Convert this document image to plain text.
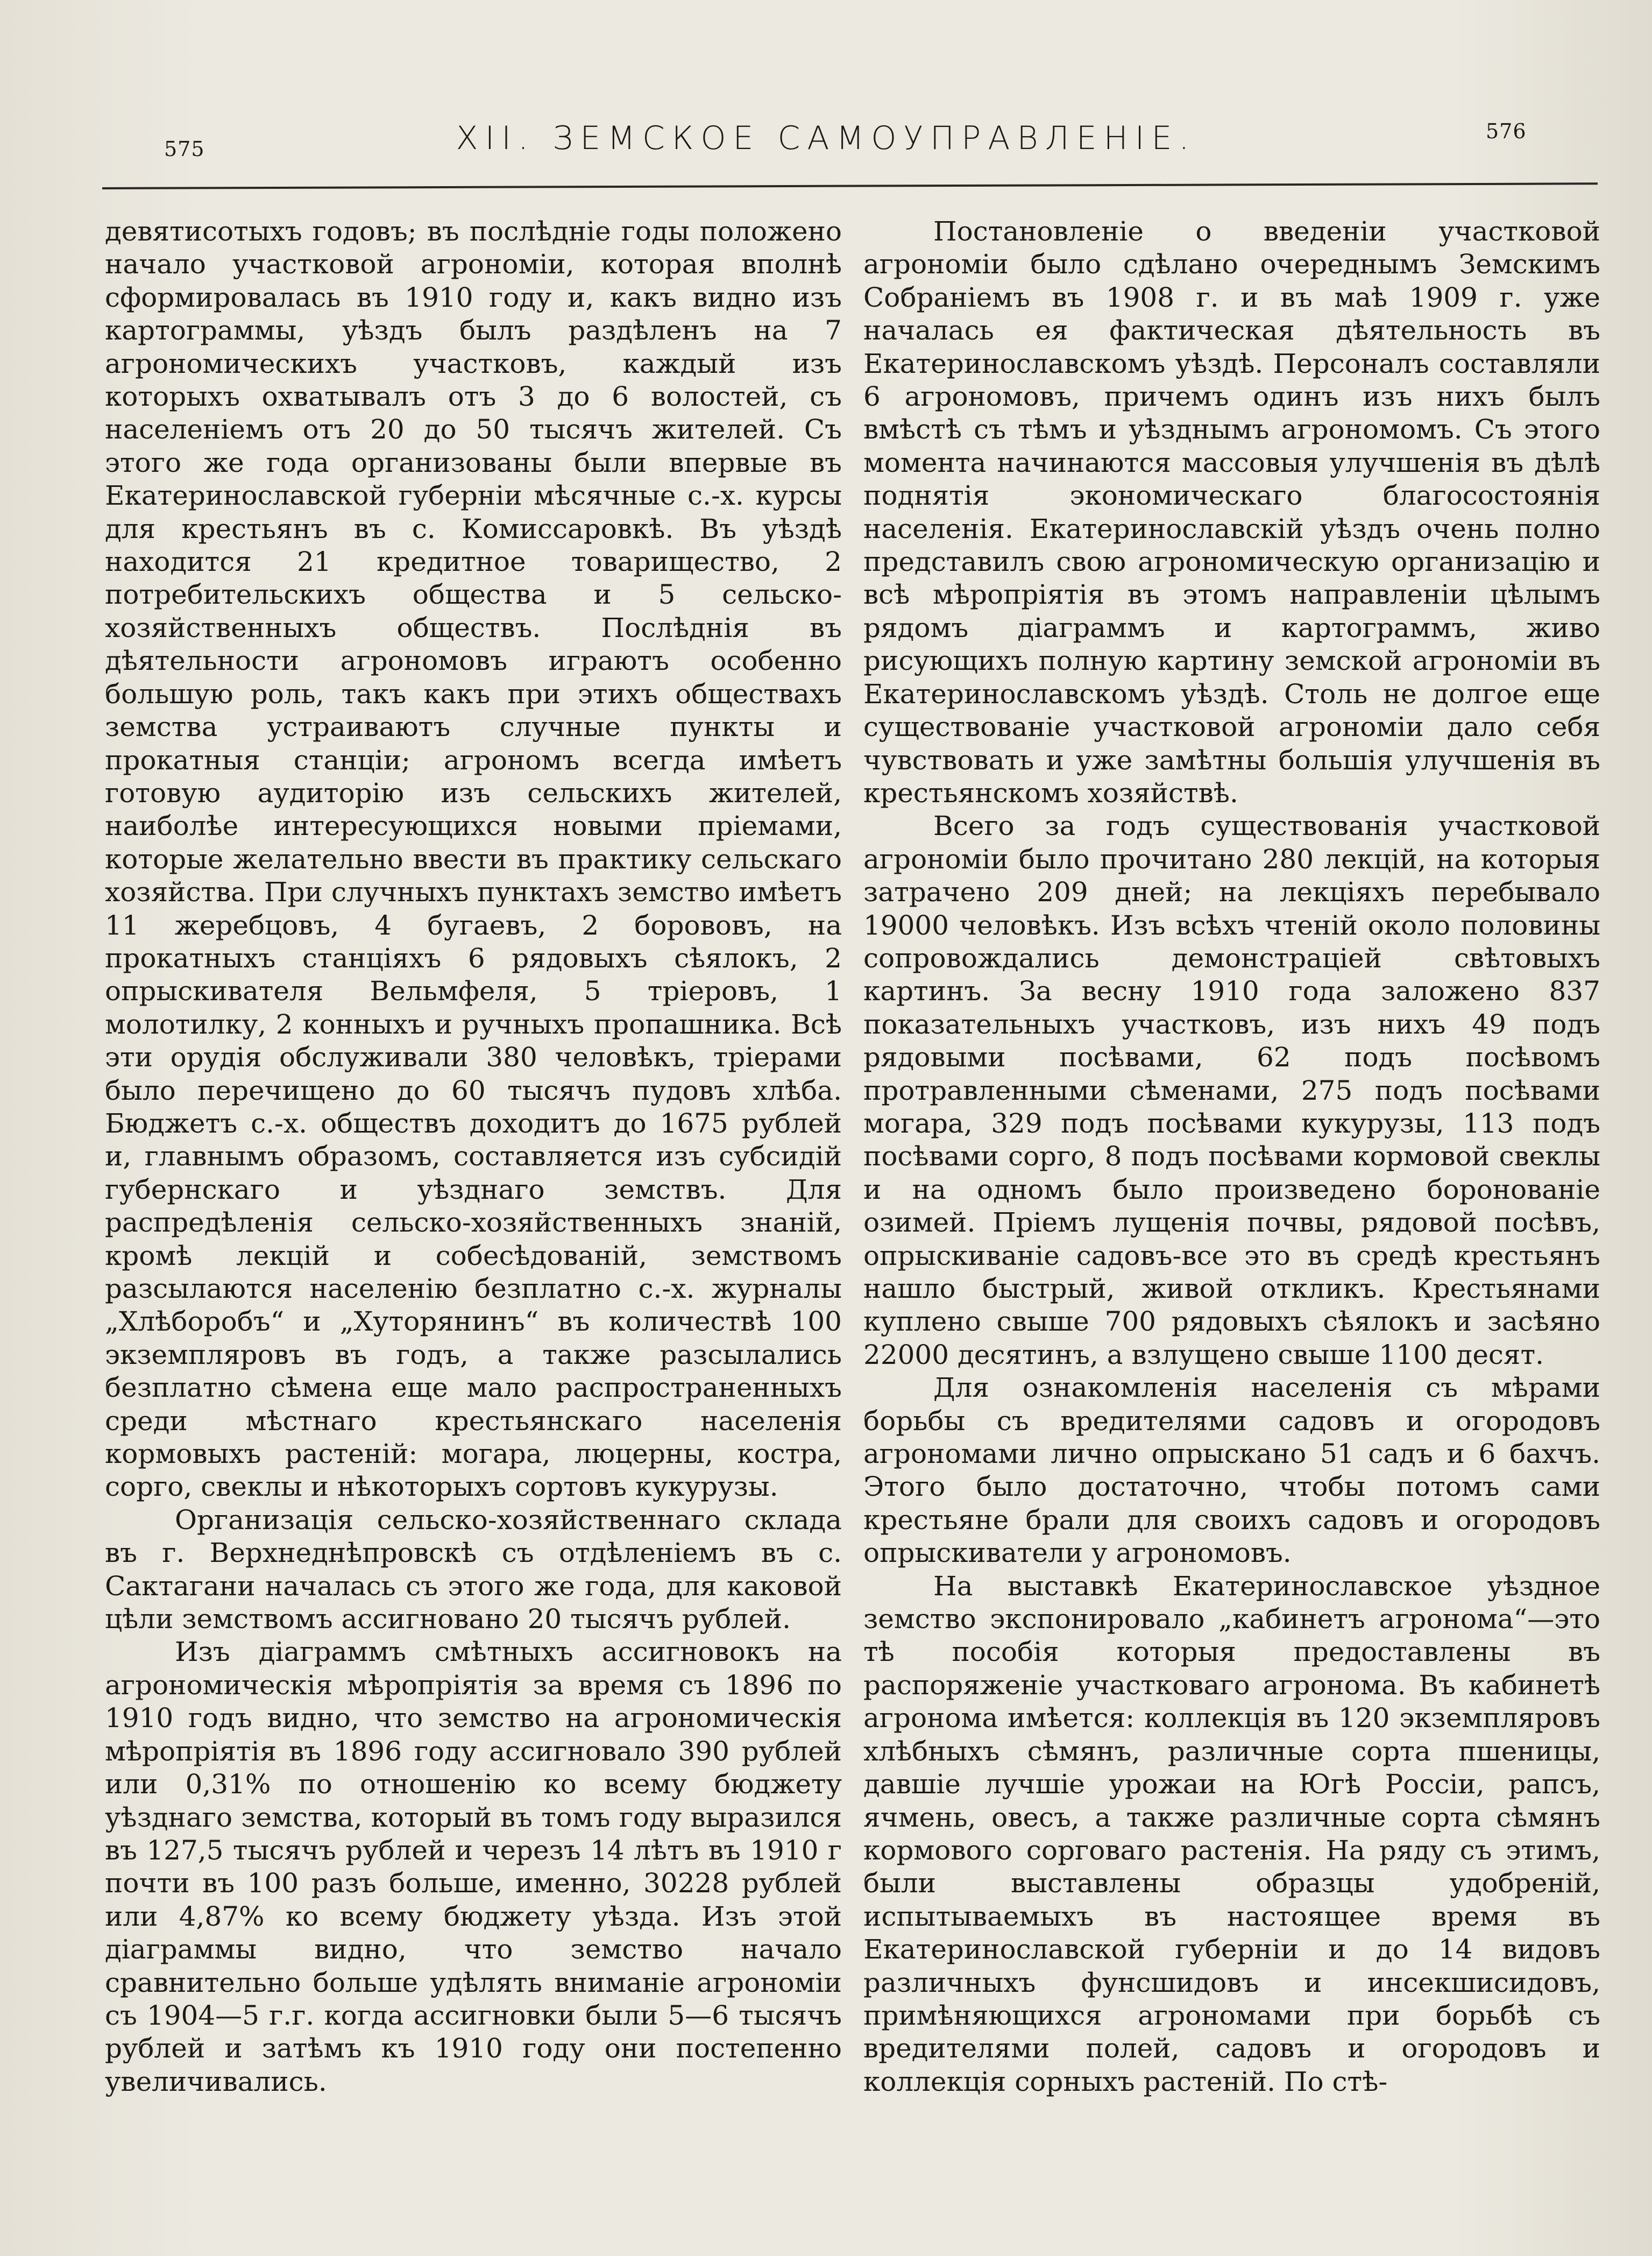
575	XII. ЗЕМСКОЕ САМОУПРАВЛЕНІЕ.	576

девятисотыхъ годовъ; въ послѣдніе годы положено начало участковой агрономіи, которая вполнѣ сформировалась въ 1910 году и, какъ видно изъ картограммы, уѣздъ былъ раздѣленъ на 7 агрономическихъ участковъ, каждый изъ которыхъ охватывалъ отъ 3 до 6 волостей, съ населеніемъ отъ 20 до 50 тысячъ жителей. Съ этого же года организованы были впервые въ Екатеринославской губерніи мѣсячные с.-х. курсы для крестьянъ въ с. Комиссаровкѣ. Въ уѣздѣ находится 21 кредитное товарищество, 2 потребительскихъ общества и 5 сельско-хозяйственныхъ обществъ. Послѣднія въ дѣятельности агрономовъ играютъ особенно большую роль, такъ какъ при этихъ обществахъ земства устраиваютъ случные пункты и прокатныя станціи; агрономъ всегда имѣетъ готовую аудиторію изъ сельскихъ жителей, наиболѣе интересующихся новыми пріемами, которые желательно ввести въ практику сельскаго хозяйства. При случныхъ пунктахъ земство имѣетъ 11 жеребцовъ, 4 бугаевъ, 2 борововъ, на прокатныхъ станціяхъ 6 рядовыхъ сѣялокъ, 2 опрыскивателя Вельмфеля, 5 тріеровъ, 1 молотилку, 2 конныхъ и ручныхъ пропашника. Всѣ эти орудія обслуживали 380 человѣкъ, тріерами было перечищено до 60 тысячъ пудовъ хлѣба. Бюджетъ с.-х. обществъ доходитъ до 1675 рублей и, главнымъ образомъ, составляется изъ субсидій губернскаго и уѣзднаго земствъ. Для распредѣленія сельско-хозяйственныхъ знаній, кромѣ лекцій и собесѣдованій, земствомъ разсылаются населенію безплатно с.-х. журналы „Хлѣборобъ“ и „Хуторянинъ“ въ количествѣ 100 экземпляровъ въ годъ, а также разсылались безплатно сѣмена еще мало распространенныхъ среди мѣстнаго крестьянскаго населенія кормовыхъ растеній: могара, люцерны, костра, сорго, свеклы и нѣкоторыхъ сортовъ кукурузы.

Организація сельско-хозяйственнаго склада въ г. Верхнеднѣпровскѣ съ отдѣленіемъ въ с. Сактагани началась съ этого же года, для каковой цѣли земствомъ ассигновано 20 тысячъ рублей.

Изъ діаграммъ смѣтныхъ ассигновокъ на агрономическія мѣропріятія за время съ 1896 по 1910 годъ видно, что земство на агрономическія мѣропріятія въ 1896 году ассигновало 390 рублей или 0,31% по отношенію ко всему бюджету уѣзднаго земства, который въ томъ году выразился въ 127,5 тысячъ рублей и черезъ 14 лѣтъ въ 1910 г почти въ 100 разъ больше, именно, 30228 рублей или 4,87% ко всему бюджету уѣзда. Изъ этой діаграммы видно, что земство начало сравнительно больше удѣлять вниманіе агрономіи съ 1904—5 г.г. когда ассигновки были 5—6 тысячъ рублей и затѣмъ къ 1910 году они постепенно увеличивались.

Постановленіе о введеніи участковой агрономіи было сдѣлано очереднымъ Земскимъ Собраніемъ въ 1908 г. и въ маѣ 1909 г. уже началась ея фактическая дѣятельность въ Екатеринославскомъ уѣздѣ. Персоналъ составляли 6 агрономовъ, причемъ одинъ изъ нихъ былъ вмѣстѣ съ тѣмъ и уѣзднымъ агрономомъ. Съ этого момента начинаются массовыя улучшенія въ дѣлѣ поднятія экономическаго благосостоянія населенія. Екатеринославскій уѣздъ очень полно представилъ свою агрономическую организацію и всѣ мѣропріятія въ этомъ направленіи цѣлымъ рядомъ діаграммъ и картограммъ, живо рисующихъ полную картину земской агрономіи въ Екатеринославскомъ уѣздѣ. Столь не долгое еще существованіе участковой агрономіи дало себя чувствовать и уже замѣтны большія улучшенія въ крестьянскомъ хозяйствѣ.

Всего за годъ существованія участковой агрономіи было прочитано 280 лекцій, на которыя затрачено 209 дней; на лекціяхъ перебывало 19000 человѣкъ. Изъ всѣхъ чтеній около половины сопровождались демонстраціей свѣтовыхъ картинъ. За весну 1910 года заложено 837 показательныхъ участковъ, изъ нихъ 49 подъ рядовыми посѣвами, 62 подъ посѣвомъ протравленными сѣменами, 275 подъ посѣвами могара, 329 подъ посѣвами кукурузы, 113 подъ посѣвами сорго, 8 подъ посѣвами кормовой свеклы и на одномъ было произведено боронованіе озимей. Пріемъ лущенія почвы, рядовой посѣвъ, опрыскиваніе садовъ-все это въ средѣ крестьянъ нашло быстрый, живой откликъ. Крестьянами куплено свыше 700 рядовыхъ сѣялокъ и засѣяно 22000 десятинъ, а взлущено свыше 1100 десят.

Для ознакомленія населенія съ мѣрами борьбы съ вредителями садовъ и огородовъ агрономами лично опрыскано 51 садъ и 6 бахчъ. Этого было достаточно, чтобы потомъ сами крестьяне брали для своихъ садовъ и огородовъ опрыскиватели у агрономовъ.

На выставкѣ Екатеринославское уѣздное земство экспонировало „кабинетъ агронома“—это тѣ пособія которыя предоставлены въ распоряженіе участковаго агронома. Въ кабинетѣ агронома имѣется: коллекція въ 120 экземпляровъ хлѣбныхъ сѣмянъ, различные сорта пшеницы, давшіе лучшіе урожаи на Югѣ Россіи, рапсъ, ячмень, овесъ, а также различные сорта сѣмянъ кормового сорговаго растенія. На ряду съ этимъ, были выставлены образцы удобреній, испытываемыхъ въ настоящее время въ Екатеринославской губерніи и до 14 видовъ различныхъ фунсшидовъ и инсекшисидовъ, примѣняющихся агрономами при борьбѣ съ вредителями полей, садовъ и огородовъ и коллекція сорныхъ растеній. По стѣ-
